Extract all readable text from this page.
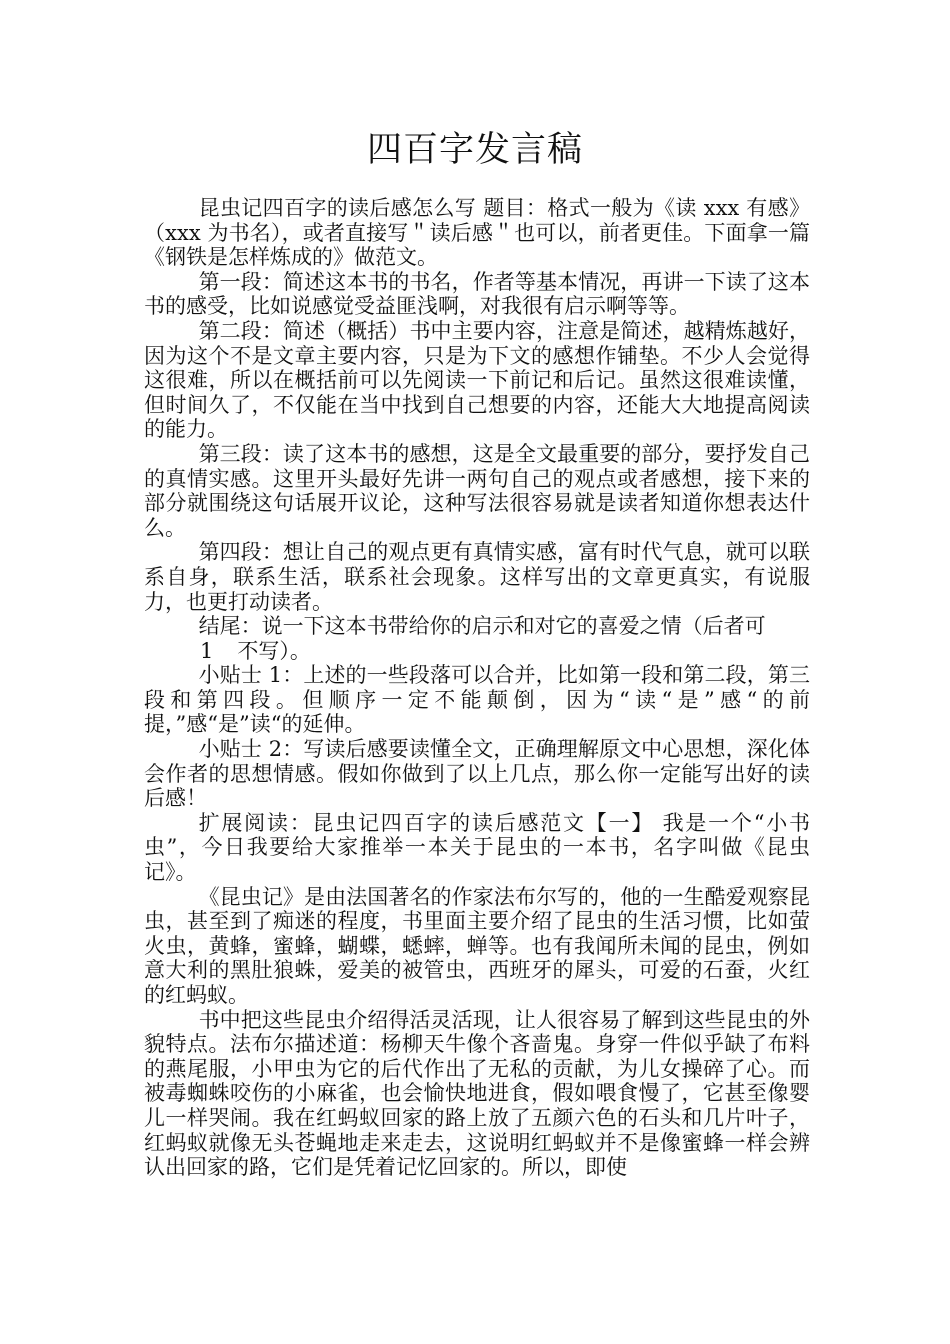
四百字发言稿

昆虫记四百字的读后感怎么写 题目：格式一般为《读 xxx 有感》（xxx 为书名），或者直接写＂读后感＂也可以，前者更佳。下面拿一篇《钢铁是怎样炼成的》做范文。

第一段：简述这本书的书名，作者等基本情况，再讲一下读了这本书的感受，比如说感觉受益匪浅啊，对我很有启示啊等等。

第二段：简述（概括）书中主要内容，注意是简述，越精炼越好，因为这个不是文章主要内容，只是为下文的感想作铺垫。不少人会觉得这很难，所以在概括前可以先阅读一下前记和后记。虽然这很难读懂，但时间久了，不仅能在当中找到自己想要的内容，还能大大地提高阅读的能力。

第三段：读了这本书的感想，这是全文最重要的部分，要抒发自己的真情实感。这里开头最好先讲一两句自己的观点或者感想，接下来的部分就围绕这句话展开议论，这种写法很容易就是读者知道你想表达什么。

第四段：想让自己的观点更有真情实感，富有时代气息，就可以联系自身，联系生活，联系社会现象。这样写出的文章更真实，有说服力，也更打动读者。

结尾：说一下这本书带给你的启示和对它的喜爱之情（后者可

1 不写）。

小贴士 1：上述的一些段落可以合并，比如第一段和第二段，第三段和第四段。但顺序一定不能颠倒，因为“读“是”感“的前提，”感“是”读“的延伸。

小贴士 2：写读后感要读懂全文，正确理解原文中心思想，深化体会作者的思想情感。假如你做到了以上几点，那么你一定能写出好的读后感！

扩展阅读：昆虫记四百字的读后感范文【一】 我是一个“小书虫”，今日我要给大家推举一本关于昆虫的一本书，名字叫做《昆虫记》。

《昆虫记》是由法国著名的作家法布尔写的，他的一生酷爱观察昆虫，甚至到了痴迷的程度，书里面主要介绍了昆虫的生活习惯，比如萤火虫，黄蜂，蜜蜂，蝴蝶，蟋蟀，蝉等。也有我闻所未闻的昆虫，例如意大利的黑肚狼蛛，爱美的被管虫，西班牙的犀头，可爱的石蚕，火红的红蚂蚁。

书中把这些昆虫介绍得活灵活现，让人很容易了解到这些昆虫的外貌特点。法布尔描述道：杨柳天牛像个吝啬鬼。身穿一件似乎缺了布料的燕尾服，小甲虫为它的后代作出了无私的贡献，为儿女操碎了心。而被毒蜘蛛咬伤的小麻雀，也会愉快地进食，假如喂食慢了，它甚至像婴儿一样哭闹。我在红蚂蚁回家的路上放了五颜六色的石头和几片叶子，红蚂蚁就像无头苍蝇地走来走去，这说明红蚂蚁并不是像蜜蜂一样会辨认出回家的路，它们是凭着记忆回家的。所以，即使
